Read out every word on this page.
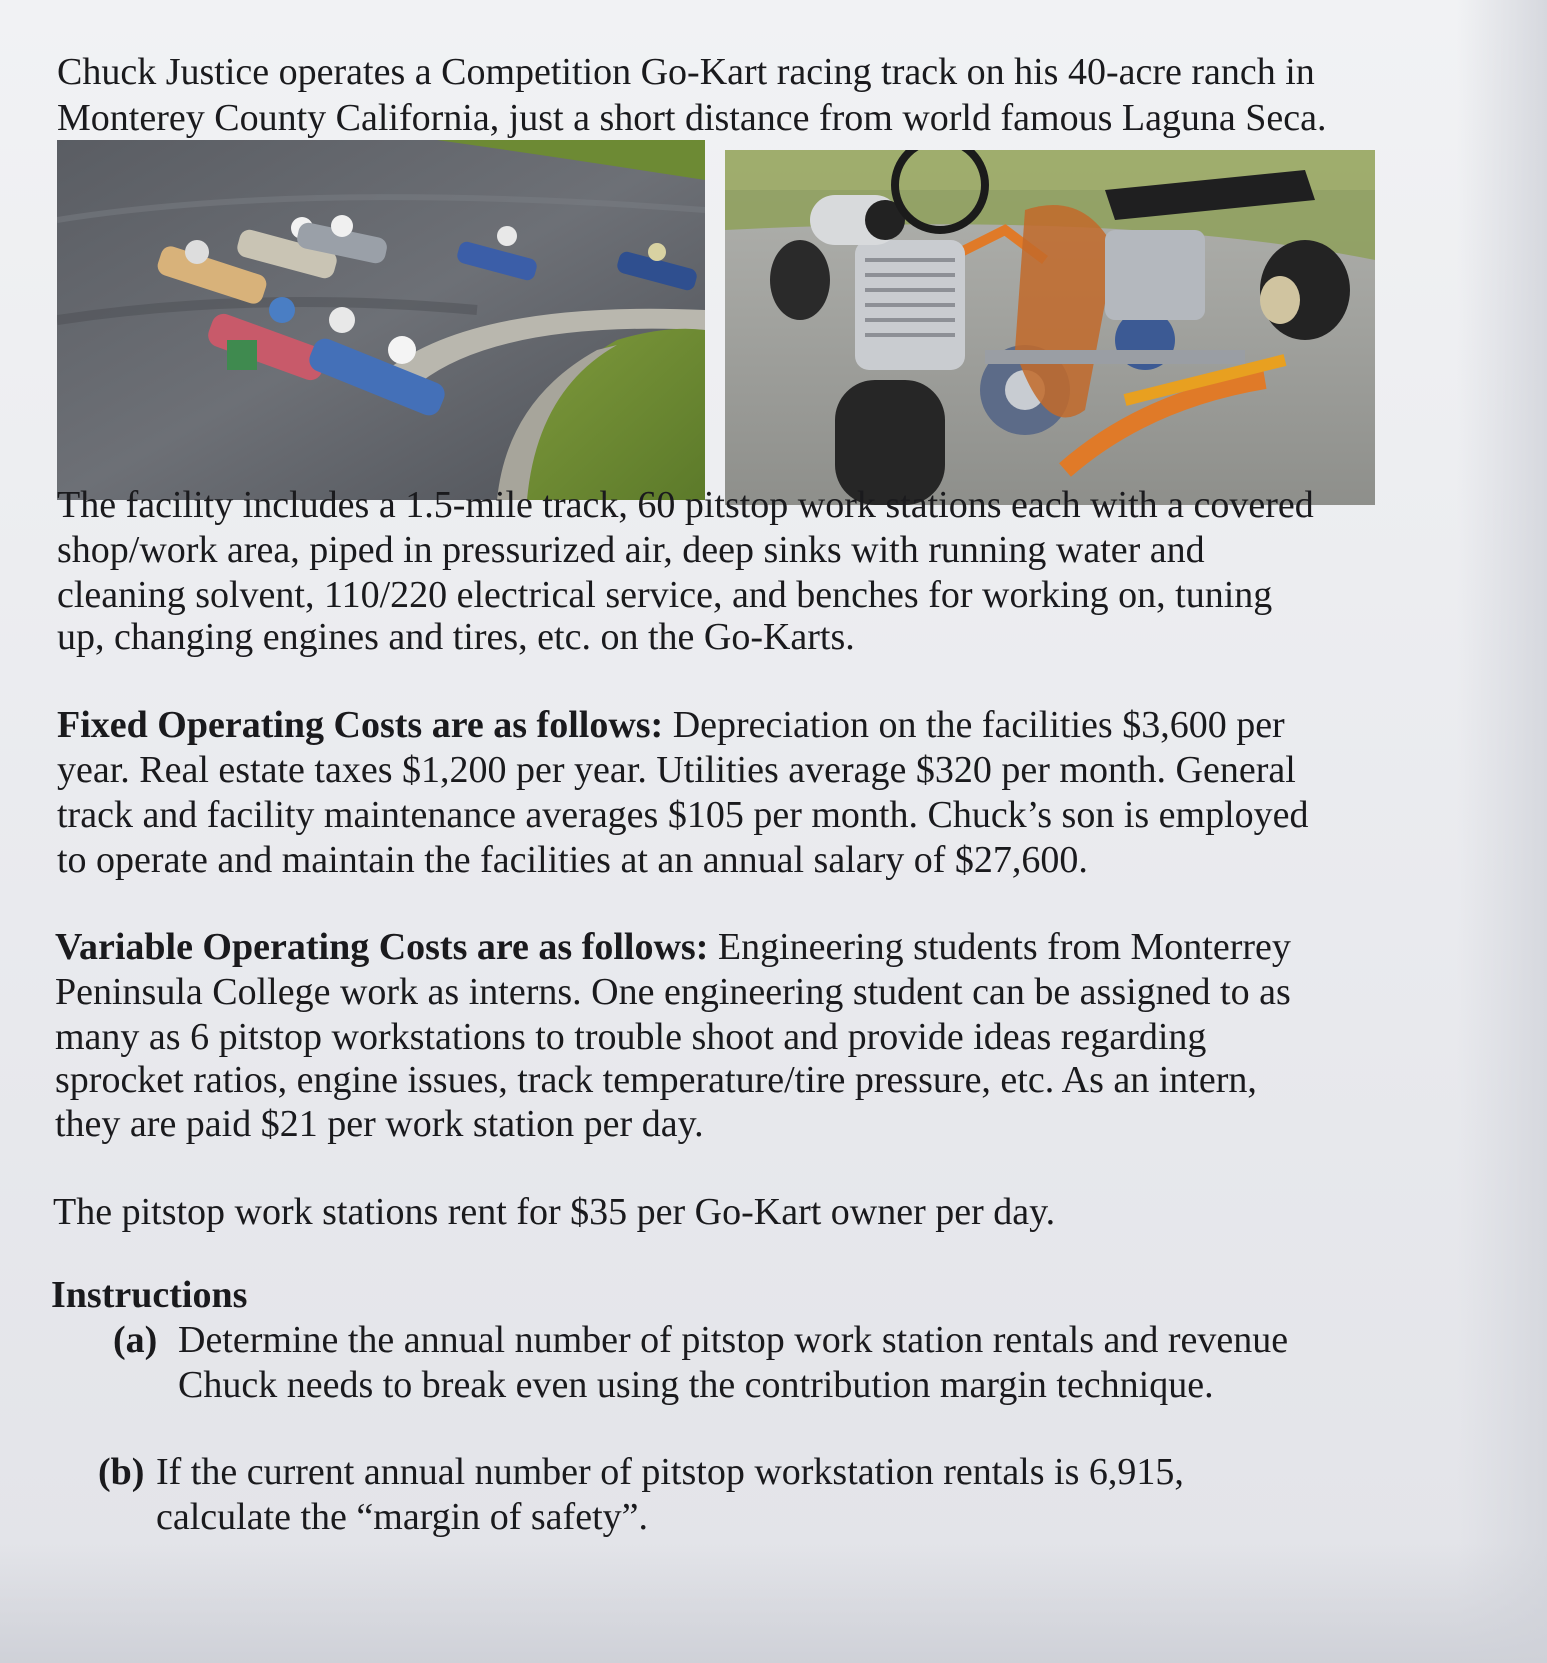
Chuck Justice operates a Competition Go-Kart racing track on his 40-acre ranch in

Monterey County California, just a short distance from world famous Laguna Seca.

The facility includes a 1.5-mile track, 60 pitstop work stations each with a covered

shop/work area, piped in pressurized air, deep sinks with running water and

cleaning solvent, 110/220 electrical service, and benches for working on, tuning

up, changing engines and tires, etc. on the Go-Karts.

Fixed Operating Costs are as follows: Depreciation on the facilities $3,600 per

year. Real estate taxes $1,200 per year. Utilities average $320 per month. General

track and facility maintenance averages $105 per month. Chuck’s son is employed

to operate and maintain the facilities at an annual salary of $27,600.

Variable Operating Costs are as follows: Engineering students from Monterrey

Peninsula College work as interns. One engineering student can be assigned to as

many as 6 pitstop workstations to trouble shoot and provide ideas regarding

sprocket ratios, engine issues, track temperature/tire pressure, etc. As an intern,

they are paid $21 per work station per day.

The pitstop work stations rent for $35 per Go-Kart owner per day.

Instructions

(a) Determine the annual number of pitstop work station rentals and revenue
Chuck needs to break even using the contribution margin technique.
(b) If the current annual number of pitstop workstation rentals is 6,915,
calculate the “margin of safety”.
